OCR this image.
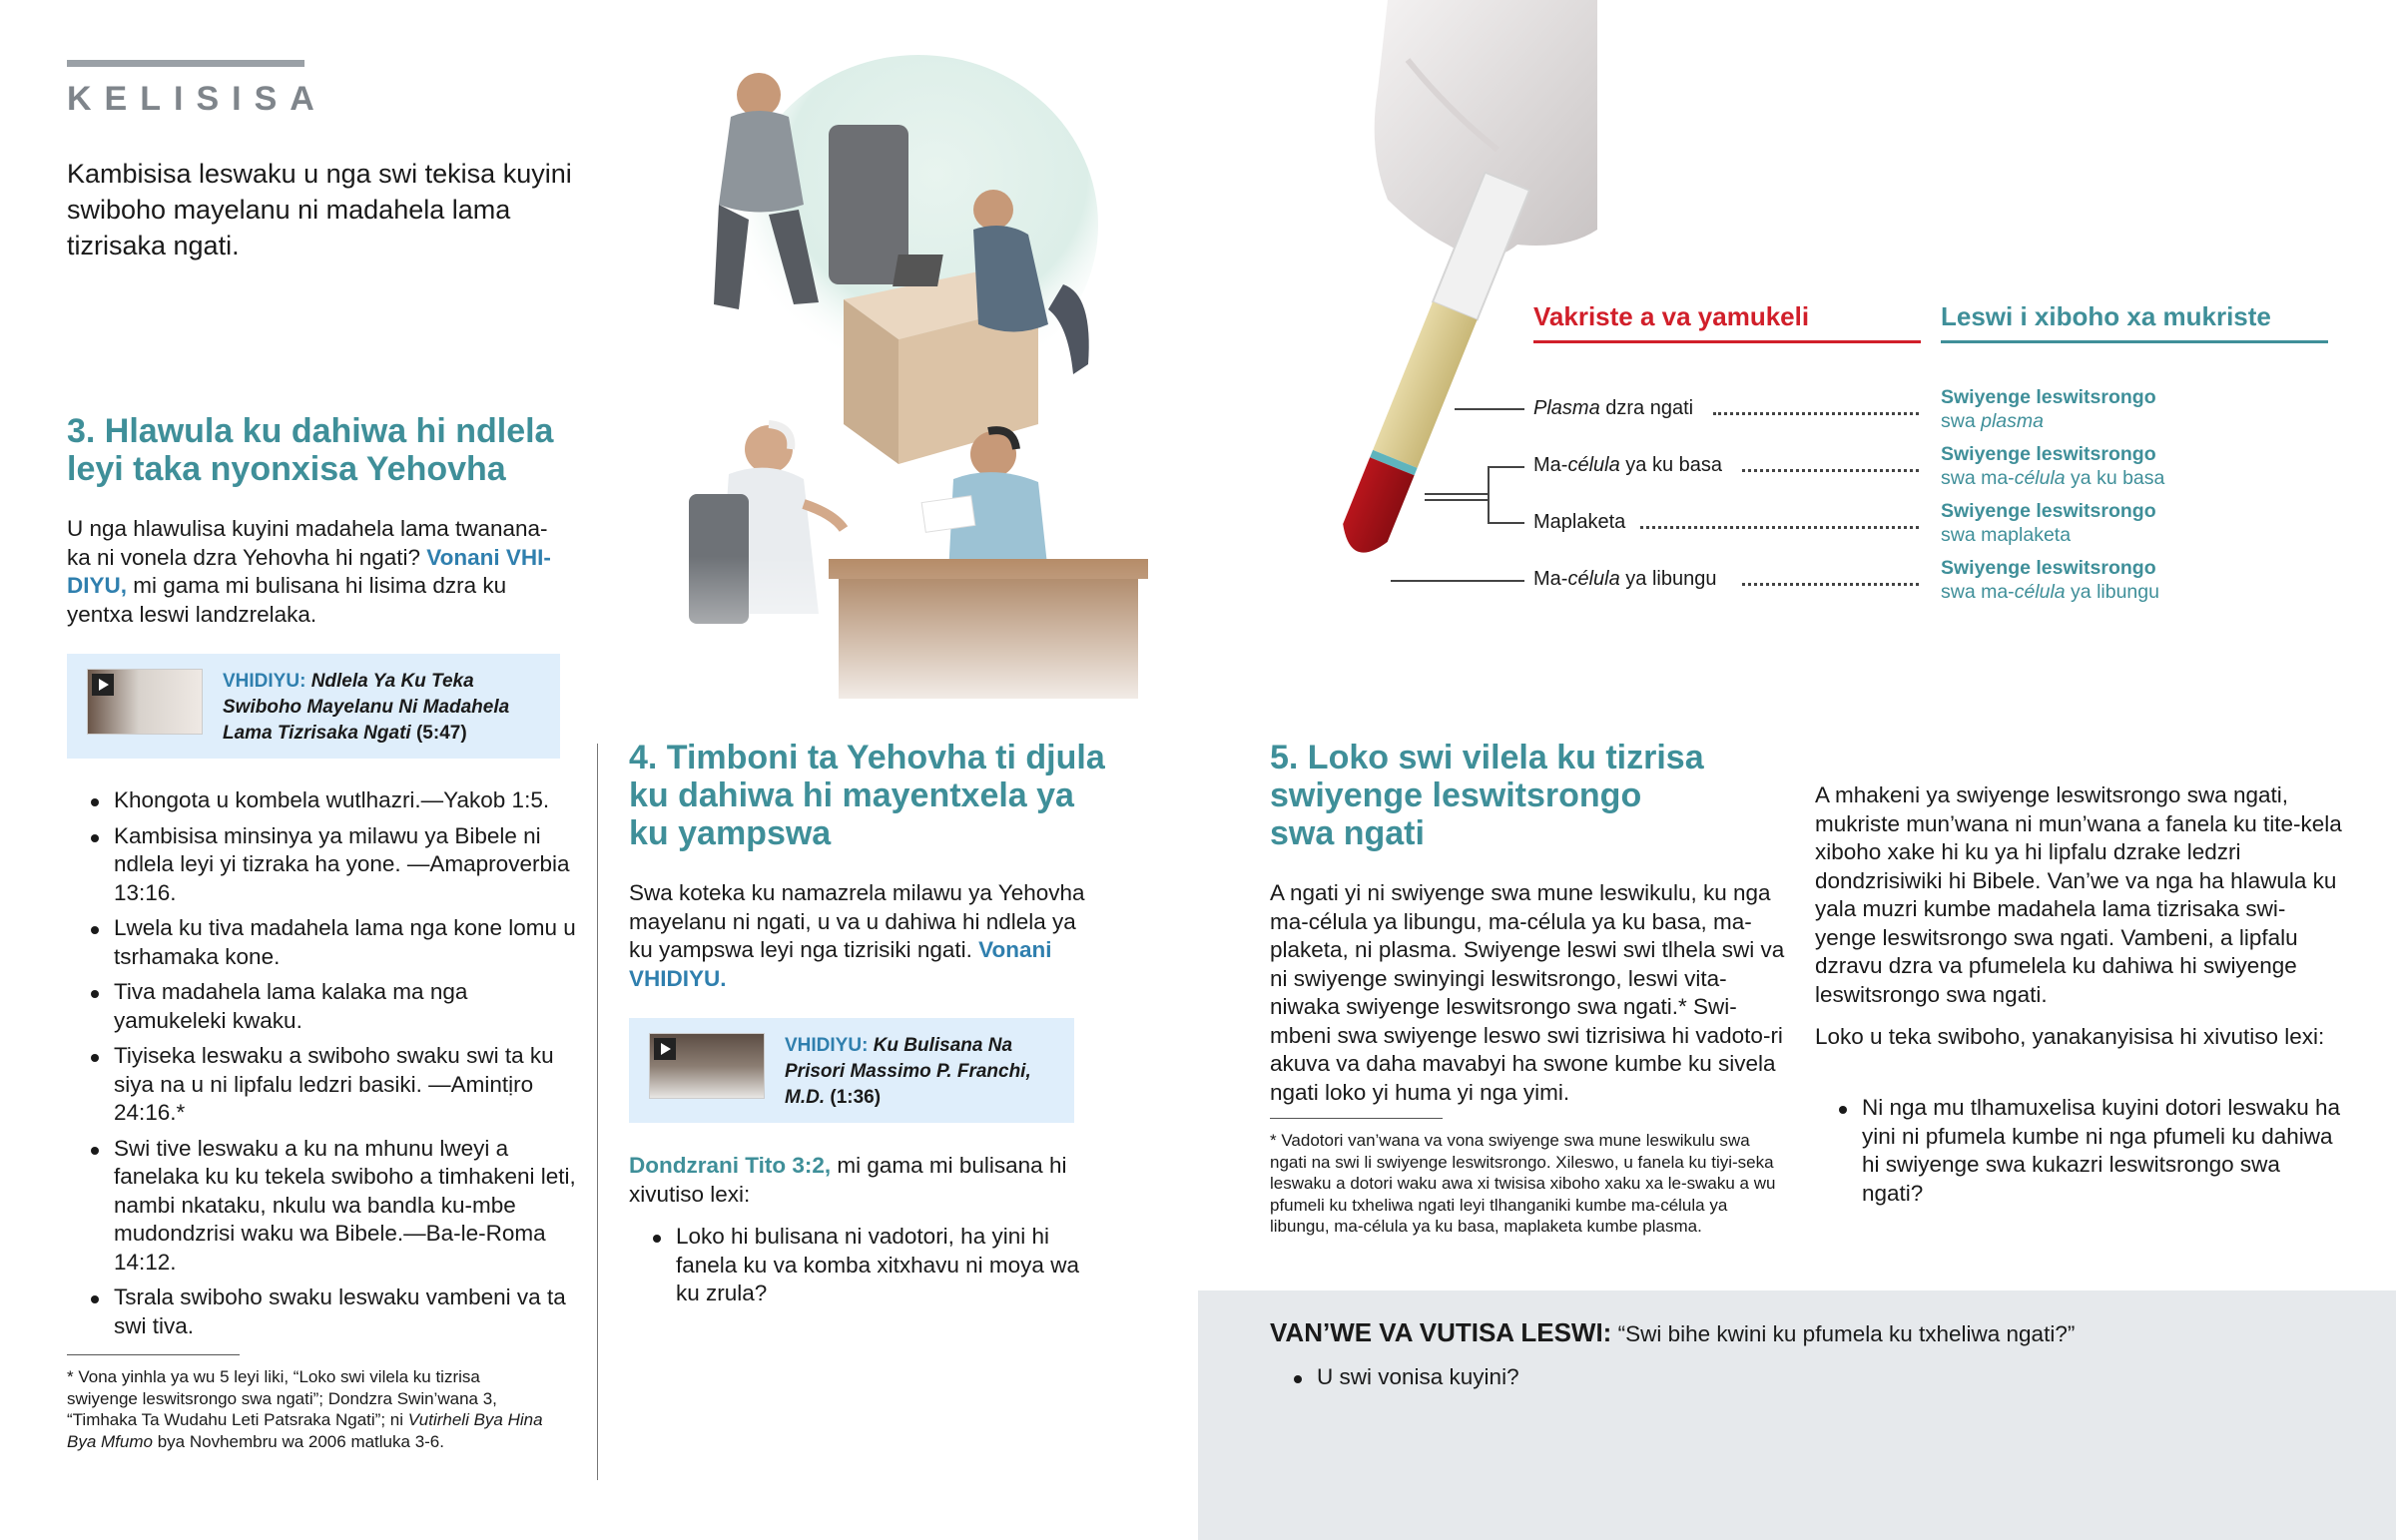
KELISISA
Kambisisa leswaku u nga swi tekisa kuyini swiboho mayelanu ni madahela lama tizrisaka ngati.
3. Hlawula ku dahiwa hi ndlela
leyi taka nyonxisa Yehovha
U nga hlawulisa kuyini madahela lama twanana-ka ni vonela dzra Yehovha hi ngati? Vonani VHI-DIYU, mi gama mi bulisana hi lisima dzra ku yentxa leswi landzrelaka.
VHIDIYU: Ndlela Ya Ku Teka Swiboho Mayelanu Ni Madahela Lama Tizrisaka Ngati (5:47)
Khongota u kombela wutlhazri.—Yakob 1:5.
Kambisisa minsinya ya milawu ya Bibele ni ndlela leyi yi tizraka ha yone. —Amaproverbia 13:16.
Lwela ku tiva madahela lama nga kone lomu u tsrhamaka kone.
Tiva madahela lama kalaka ma nga yamukeleki kwaku.
Tiyiseka leswaku a swiboho swaku swi ta ku siya na u ni lipfalu ledzri basiki. —Amintịro 24:16.*
Swi tive leswaku a ku na mhunu lweyi a fanelaka ku ku tekela swiboho a timhakeni leti, nambi nkataku, nkulu wa bandla ku-mbe mudondzrisi waku wa Bibele.—Ba-le-Roma 14:12.
Tsrala swiboho swaku leswaku vambeni va ta swi tiva.
* Vona yinhla ya wu 5 leyi liki, “Loko swi vilela ku tizrisa swiyenge leswitsrongo swa ngati”; Dondzra Swin’wana 3, “Timhaka Ta Wudahu Leti Patsraka Ngati”; ni Vutirheli Bya Hina Bya Mfumo bya Novhembru wa 2006 matluka 3-6.
4. Timboni ta Yehovha ti djula
ku dahiwa hi mayentxela ya
ku yampswa
Swa koteka ku namazrela milawu ya Yehovha mayelanu ni ngati, u va u dahiwa hi ndlela ya ku yampswa leyi nga tizrisiki ngati. Vonani VHIDIYU.
VHIDIYU: Ku Bulisana Na Prisori Massimo P. Franchi, M.D. (1:36)
Dondzrani Tito 3:2, mi gama mi bulisana hi xivutiso lexi:
Loko hi bulisana ni vadotori, ha yini hi fanela ku va komba xitxhavu ni moya wa ku zrula?
Vakriste a va yamukeli	Leswi i xiboho xa mukriste
Plasma dzra ngati	Swiyenge leswitsrongo
swa plasma
Ma-célula ya ku basa	Swiyenge leswitsrongo
swa ma-célula ya ku basa
Maplaketa	Swiyenge leswitsrongo
swa maplaketa
Ma-célula ya libungu	Swiyenge leswitsrongo
swa ma-célula ya libungu
5. Loko swi vilela ku tizrisa
swiyenge leswitsrongo
swa ngati
A ngati yi ni swiyenge swa mune leswikulu, ku nga ma-célula ya libungu, ma-célula ya ku basa, ma-plaketa, ni plasma. Swiyenge leswi swi tlhela swi va ni swiyenge swinyingi leswitsrongo, leswi vita-niwaka swiyenge leswitsrongo swa ngati.* Swi-mbeni swa swiyenge leswo swi tizrisiwa hi vadoto-ri akuva va daha mavabyi ha swone kumbe ku sivela ngati loko yi huma yi nga yimi.
* Vadotori van’wana va vona swiyenge swa mune leswikulu swa ngati na swi li swiyenge leswitsrongo. Xileswo, u fanela ku tiyi-seka leswaku a dotori waku awa xi twisisa xiboho xaku xa le-swaku a wu pfumeli ku txheliwa ngati leyi tlhanganiki kumbe ma-célula ya libungu, ma-célula ya ku basa, maplaketa kumbe plasma.
A mhakeni ya swiyenge leswitsrongo swa ngati, mukriste mun’wana ni mun’wana a fanela ku tite-kela xiboho xake hi ku ya hi lipfalu dzrake ledzri dondzrisiwiki hi Bibele. Van’we va nga ha hlawula ku yala muzri kumbe madahela lama tizrisaka swi-yenge leswitsrongo swa ngati. Vambeni, a lipfalu dzravu dzra va pfumelela ku dahiwa hi swiyenge leswitsrongo swa ngati.
Loko u teka swiboho, yanakanyisisa hi xivutiso lexi:
Ni nga mu tlhamuxelisa kuyini dotori leswaku ha yini ni pfumela kumbe ni nga pfumeli ku dahiwa hi swiyenge swa kukazri leswitsrongo swa ngati?
VAN’WE VA VUTISA LESWI: “Swi bihe kwini ku pfumela ku txheliwa ngati?”
U swi vonisa kuyini?
